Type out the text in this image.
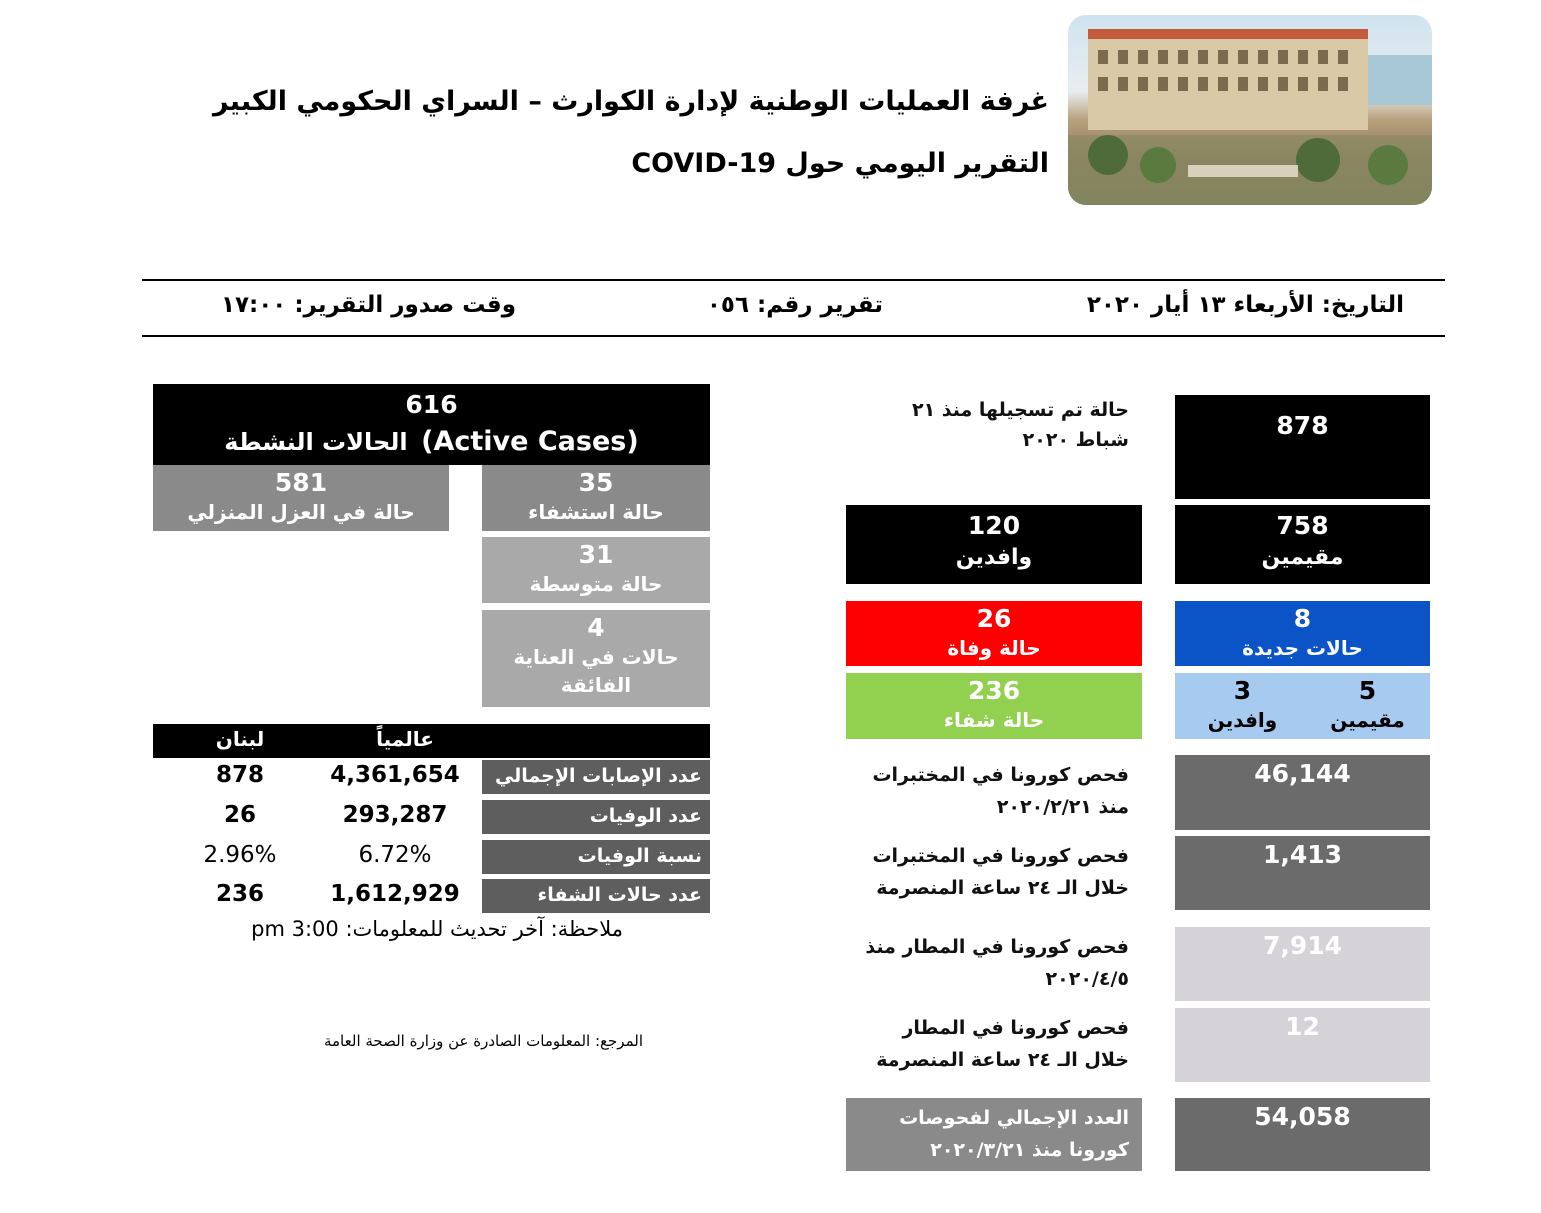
غرفة العمليات الوطنية لإدارة الكوارث – السراي الحكومي الكبير
التقرير اليومي حول COVID-19
التاريخ: الأربعاء ١٣ أيار ٢٠٢٠
تقرير رقم: ٠٥٦
وقت صدور التقرير: ١٧:٠٠
616
الحالات النشطة (Active Cases)
581
حالة في العزل المنزلي
35
حالة استشفاء
31
حالة متوسطة
4
حالات في العناية
الفائقة
عالمياً
لبنان
عدد الإصابات الإجمالي
4,361,654
878
عدد الوفيات
293,287
26
نسبة الوفيات
6.72%
2.96%
عدد حالات الشفاء
1,612,929
236
ملاحظة: آخر تحديث للمعلومات: 3:00 pm
المرجع: المعلومات الصادرة عن وزارة الصحة العامة
878
حالة تم تسجيلها منذ ٢١
شباط ٢٠٢٠
758
مقيمين
120
وافدين
8
حالات جديدة
26
حالة وفاة
5
مقيمين
3
وافدين
236
حالة شفاء
46,144
فحص كورونا في المختبرات
منذ ٢٠٢٠/٢/٢١
1,413
فحص كورونا في المختبرات
خلال الـ ٢٤ ساعة المنصرمة
7,914
فحص كورونا في المطار منذ
٢٠٢٠/٤/٥
12
فحص كورونا في المطار
خلال الـ ٢٤ ساعة المنصرمة
54,058
العدد الإجمالي لفحوصات
كورونا منذ ٢٠٢٠/٣/٢١
